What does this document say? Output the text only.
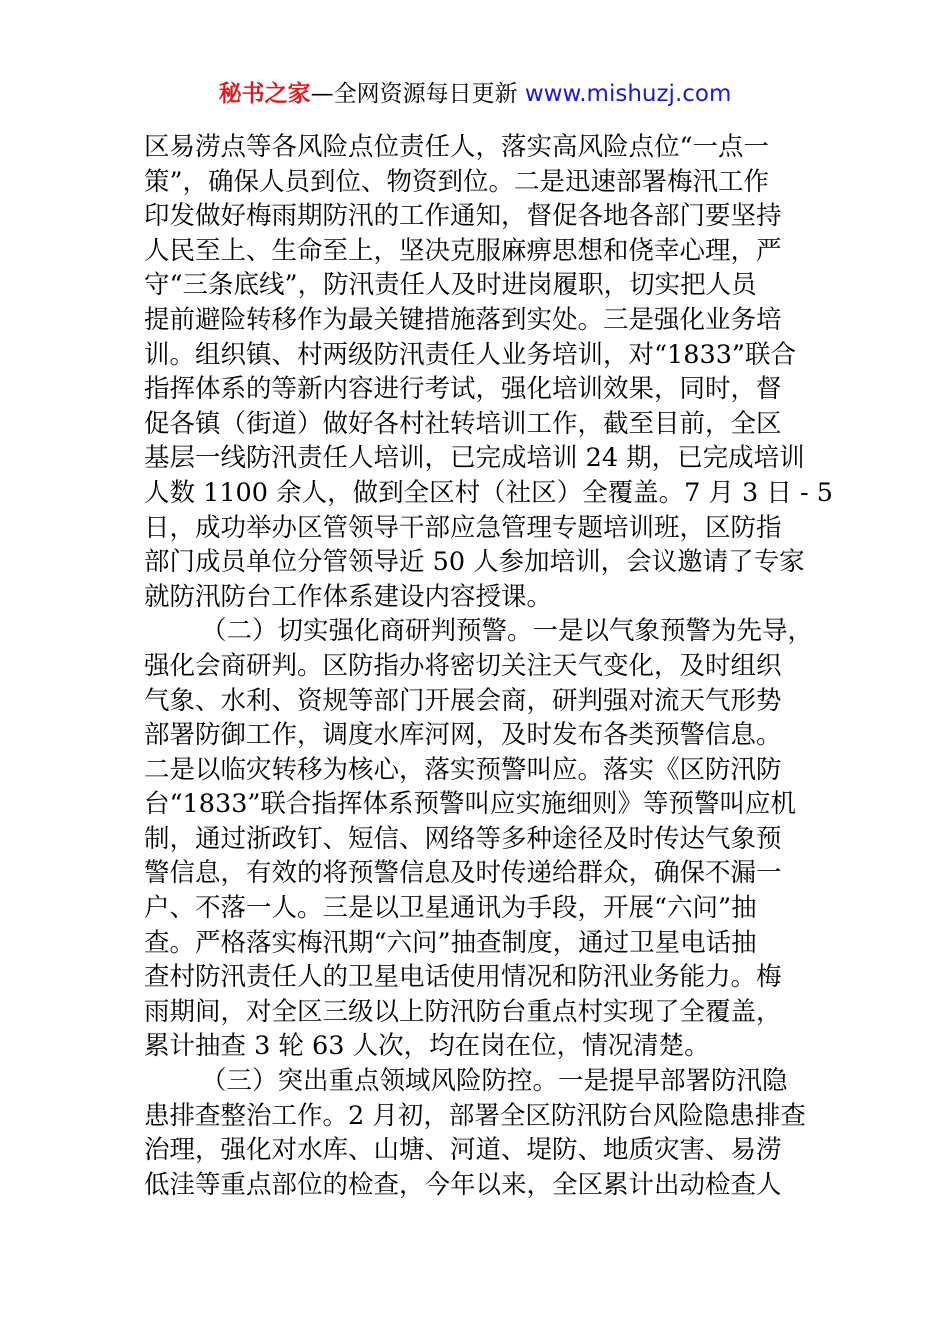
秘书之家—全网资源每日更新 www.mishuzj.com
区易涝点等各风险点位责任人，落实高风险点位“一点一
策”，确保人员到位、物资到位。二是迅速部署梅汛工作
印发做好梅雨期防汛的工作通知，督促各地各部门要坚持
人民至上、生命至上，坚决克服麻痹思想和侥幸心理，严
守“三条底线”，防汛责任人及时进岗履职，切实把人员
提前避险转移作为最关键措施落到实处。三是强化业务培
训。组织镇、村两级防汛责任人业务培训，对“1833”联合
指挥体系的等新内容进行考试，强化培训效果，同时，督
促各镇（街道）做好各村社转培训工作，截至目前，全区
基层一线防汛责任人培训，已完成培训 24 期，已完成培训
人数 1100 余人，做到全区村（社区）全覆盖。7 月 3 日 - 5
日，成功举办区管领导干部应急管理专题培训班，区防指
部门成员单位分管领导近 50 人参加培训，会议邀请了专家
就防汛防台工作体系建设内容授课。
（二）切实强化商研判预警。一是以气象预警为先导，
强化会商研判。区防指办将密切关注天气变化，及时组织
气象、水利、资规等部门开展会商，研判强对流天气形势
部署防御工作，调度水库河网，及时发布各类预警信息。
二是以临灾转移为核心，落实预警叫应。落实《区防汛防
台“1833”联合指挥体系预警叫应实施细则》等预警叫应机
制，通过浙政钉、短信、网络等多种途径及时传达气象预
警信息，有效的将预警信息及时传递给群众，确保不漏一
户、不落一人。三是以卫星通讯为手段，开展“六问”抽
查。严格落实梅汛期“六问”抽查制度，通过卫星电话抽
查村防汛责任人的卫星电话使用情况和防汛业务能力。梅
雨期间，对全区三级以上防汛防台重点村实现了全覆盖，
累计抽查 3 轮 63 人次，均在岗在位，情况清楚。
（三）突出重点领域风险防控。一是提早部署防汛隐
患排查整治工作。2 月初，部署全区防汛防台风险隐患排查
治理，强化对水库、山塘、河道、堤防、地质灾害、易涝
低洼等重点部位的检查，今年以来，全区累计出动检查人
